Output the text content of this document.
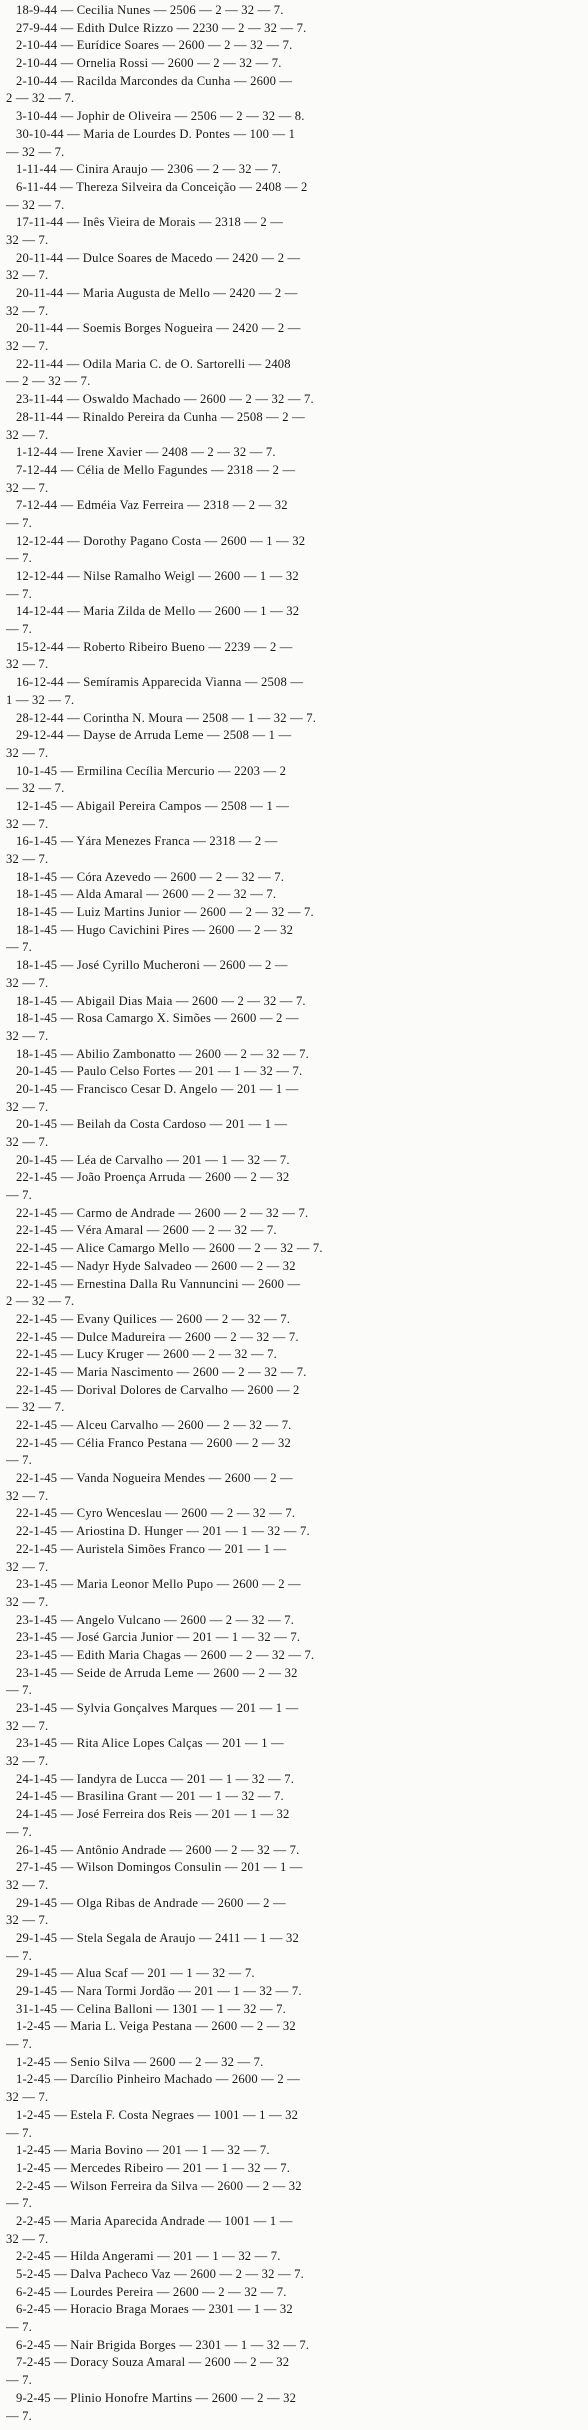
18-9-44 — Cecilia Nunes — 2506 — 2 — 32 — 7.
27-9-44 — Edith Dulce Rizzo — 2230 — 2 — 32 — 7.
2-10-44 — Eurídice Soares — 2600 — 2 — 32 — 7.
2-10-44 — Ornelia Rossi — 2600 — 2 — 32 — 7.
2-10-44 — Racilda Marcondes da Cunha — 2600 —
2 — 32 — 7.
3-10-44 — Jophir de Oliveira — 2506 — 2 — 32 — 8.
30-10-44 — Maria de Lourdes D. Pontes — 100 — 1
— 32 — 7.
1-11-44 — Cinira Araujo — 2306 — 2 — 32 — 7.
6-11-44 — Thereza Silveira da Conceição — 2408 — 2
— 32 — 7.
17-11-44 — Inês Vieira de Morais — 2318 — 2 —
32 — 7.
20-11-44 — Dulce Soares de Macedo — 2420 — 2 —
32 — 7.
20-11-44 — Maria Augusta de Mello — 2420 — 2 —
32 — 7.
20-11-44 — Soemis Borges Nogueira — 2420 — 2 —
32 — 7.
22-11-44 — Odila Maria C. de O. Sartorelli — 2408
— 2 — 32 — 7.
23-11-44 — Oswaldo Machado — 2600 — 2 — 32 — 7.
28-11-44 — Rinaldo Pereira da Cunha — 2508 — 2 —
32 — 7.
1-12-44 — Irene Xavier — 2408 — 2 — 32 — 7.
7-12-44 — Célia de Mello Fagundes — 2318 — 2 —
32 — 7.
7-12-44 — Edméia Vaz Ferreira — 2318 — 2 — 32
— 7.
12-12-44 — Dorothy Pagano Costa — 2600 — 1 — 32
— 7.
12-12-44 — Nilse Ramalho Weigl — 2600 — 1 — 32
— 7.
14-12-44 — Maria Zilda de Mello — 2600 — 1 — 32
— 7.
15-12-44 — Roberto Ribeiro Bueno — 2239 — 2 —
32 — 7.
16-12-44 — Semíramis Apparecida Vianna — 2508 —
1 — 32 — 7.
28-12-44 — Corintha N. Moura — 2508 — 1 — 32 — 7.
29-12-44 — Dayse de Arruda Leme — 2508 — 1 —
32 — 7.
10-1-45 — Ermilina Cecília Mercurio — 2203 — 2
— 32 — 7.
12-1-45 — Abigail Pereira Campos — 2508 — 1 —
32 — 7.
16-1-45 — Yára Menezes Franca — 2318 — 2 —
32 — 7.
18-1-45 — Córa Azevedo — 2600 — 2 — 32 — 7.
18-1-45 — Alda Amaral — 2600 — 2 — 32 — 7.
18-1-45 — Luiz Martins Junior — 2600 — 2 — 32 — 7.
18-1-45 — Hugo Cavichini Pires — 2600 — 2 — 32
— 7.
18-1-45 — José Cyrillo Mucheroni — 2600 — 2 —
32 — 7.
18-1-45 — Abigail Dias Maia — 2600 — 2 — 32 — 7.
18-1-45 — Rosa Camargo X. Simões — 2600 — 2 —
32 — 7.
18-1-45 — Abilio Zambonatto — 2600 — 2 — 32 — 7.
20-1-45 — Paulo Celso Fortes — 201 — 1 — 32 — 7.
20-1-45 — Francisco Cesar D. Angelo — 201 — 1 —
32 — 7.
20-1-45 — Beilah da Costa Cardoso — 201 — 1 —
32 — 7.
20-1-45 — Léa de Carvalho — 201 — 1 — 32 — 7.
22-1-45 — João Proença Arruda — 2600 — 2 — 32
— 7.
22-1-45 — Carmo de Andrade — 2600 — 2 — 32 — 7.
22-1-45 — Véra Amaral — 2600 — 2 — 32 — 7.
22-1-45 — Alice Camargo Mello — 2600 — 2 — 32 — 7.
22-1-45 — Nadyr Hyde Salvadeo — 2600 — 2 — 32
22-1-45 — Ernestina Dalla Ru Vannuncini — 2600 —
2 — 32 — 7.
22-1-45 — Evany Quilices — 2600 — 2 — 32 — 7.
22-1-45 — Dulce Madureira — 2600 — 2 — 32 — 7.
22-1-45 — Lucy Kruger — 2600 — 2 — 32 — 7.
22-1-45 — Maria Nascimento — 2600 — 2 — 32 — 7.
22-1-45 — Dorival Dolores de Carvalho — 2600 — 2
— 32 — 7.
22-1-45 — Alceu Carvalho — 2600 — 2 — 32 — 7.
22-1-45 — Célia Franco Pestana — 2600 — 2 — 32
— 7.
22-1-45 — Vanda Nogueira Mendes — 2600 — 2 —
32 — 7.
22-1-45 — Cyro Wenceslau — 2600 — 2 — 32 — 7.
22-1-45 — Ariostina D. Hunger — 201 — 1 — 32 — 7.
22-1-45 — Auristela Simões Franco — 201 — 1 —
32 — 7.
23-1-45 — Maria Leonor Mello Pupo — 2600 — 2 —
32 — 7.
23-1-45 — Angelo Vulcano — 2600 — 2 — 32 — 7.
23-1-45 — José Garcia Junior — 201 — 1 — 32 — 7.
23-1-45 — Edith Maria Chagas — 2600 — 2 — 32 — 7.
23-1-45 — Seide de Arruda Leme — 2600 — 2 — 32
— 7.
23-1-45 — Sylvia Gonçalves Marques — 201 — 1 —
32 — 7.
23-1-45 — Rita Alice Lopes Calças — 201 — 1 —
32 — 7.
24-1-45 — Iandyra de Lucca — 201 — 1 — 32 — 7.
24-1-45 — Brasilina Grant — 201 — 1 — 32 — 7.
24-1-45 — José Ferreira dos Reis — 201 — 1 — 32
— 7.
26-1-45 — Antônio Andrade — 2600 — 2 — 32 — 7.
27-1-45 — Wilson Domingos Consulin — 201 — 1 —
32 — 7.
29-1-45 — Olga Ribas de Andrade — 2600 — 2 —
32 — 7.
29-1-45 — Stela Segala de Araujo — 2411 — 1 — 32
— 7.
29-1-45 — Alua Scaf — 201 — 1 — 32 — 7.
29-1-45 — Nara Tormi Jordão — 201 — 1 — 32 — 7.
31-1-45 — Celina Balloni — 1301 — 1 — 32 — 7.
1-2-45 — Maria L. Veiga Pestana — 2600 — 2 — 32
— 7.
1-2-45 — Senio Silva — 2600 — 2 — 32 — 7.
1-2-45 — Darcílio Pinheiro Machado — 2600 — 2 —
32 — 7.
1-2-45 — Estela F. Costa Negraes — 1001 — 1 — 32
— 7.
1-2-45 — Maria Bovino — 201 — 1 — 32 — 7.
1-2-45 — Mercedes Ribeiro — 201 — 1 — 32 — 7.
2-2-45 — Wilson Ferreira da Silva — 2600 — 2 — 32
— 7.
2-2-45 — Maria Aparecida Andrade — 1001 — 1 —
32 — 7.
2-2-45 — Hilda Angerami — 201 — 1 — 32 — 7.
5-2-45 — Dalva Pacheco Vaz — 2600 — 2 — 32 — 7.
6-2-45 — Lourdes Pereira — 2600 — 2 — 32 — 7.
6-2-45 — Horacio Braga Moraes — 2301 — 1 — 32
— 7.
6-2-45 — Nair Brigida Borges — 2301 — 1 — 32 — 7.
7-2-45 — Doracy Souza Amaral — 2600 — 2 — 32
— 7.
9-2-45 — Plinio Honofre Martins — 2600 — 2 — 32
— 7.
